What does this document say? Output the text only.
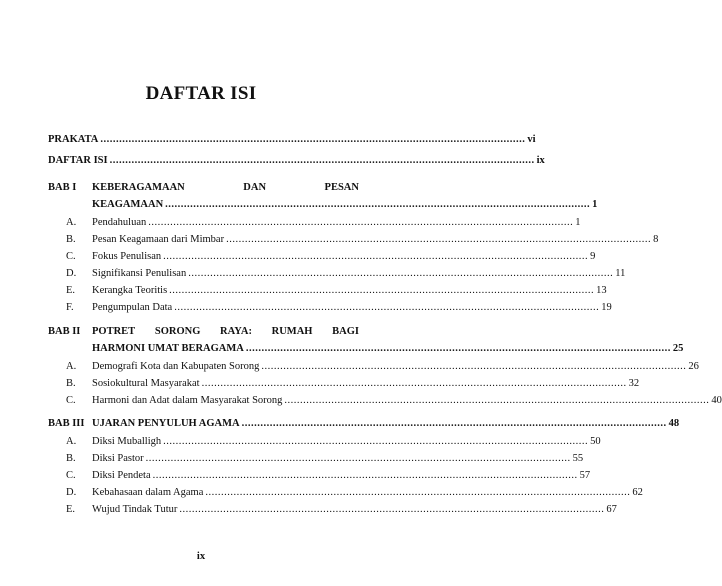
DAFTAR ISI
PRAKATA ........................................................................................................................................ vi
DAFTAR ISI ........................................................................................................................................ ix
BAB I KEBERAGAMAAN	DAN	PESAN
KEAGAMAAN ........................................................................................................................................ 1
A. Pendahuluan ........................................................................................................................................ 1
B. Pesan Keagamaan dari Mimbar ........................................................................................................................................ 8
C. Fokus Penulisan ........................................................................................................................................ 9
D. Signifikansi Penulisan ........................................................................................................................................ 11
E. Kerangka Teoritis ........................................................................................................................................ 13
F. Pengumpulan Data ........................................................................................................................................ 19
BAB II POTRET SORONG RAYA: RUMAH BAGI
HARMONI UMAT BERAGAMA ........................................................................................................................................ 25
A. Demografi Kota dan Kabupaten Sorong ........................................................................................................................................ 26
B. Sosiokultural Masyarakat ........................................................................................................................................ 32
C. Harmoni dan Adat dalam Masyarakat Sorong ........................................................................................................................................ 40
BAB III UJARAN PENYULUH AGAMA ........................................................................................................................................ 48
A. Diksi Muballigh ........................................................................................................................................ 50
B. Diksi Pastor ........................................................................................................................................ 55
C. Diksi Pendeta ........................................................................................................................................ 57
D. Kebahasaan dalam Agama ........................................................................................................................................ 62
E. Wujud Tindak Tutur ........................................................................................................................................ 67
ix
